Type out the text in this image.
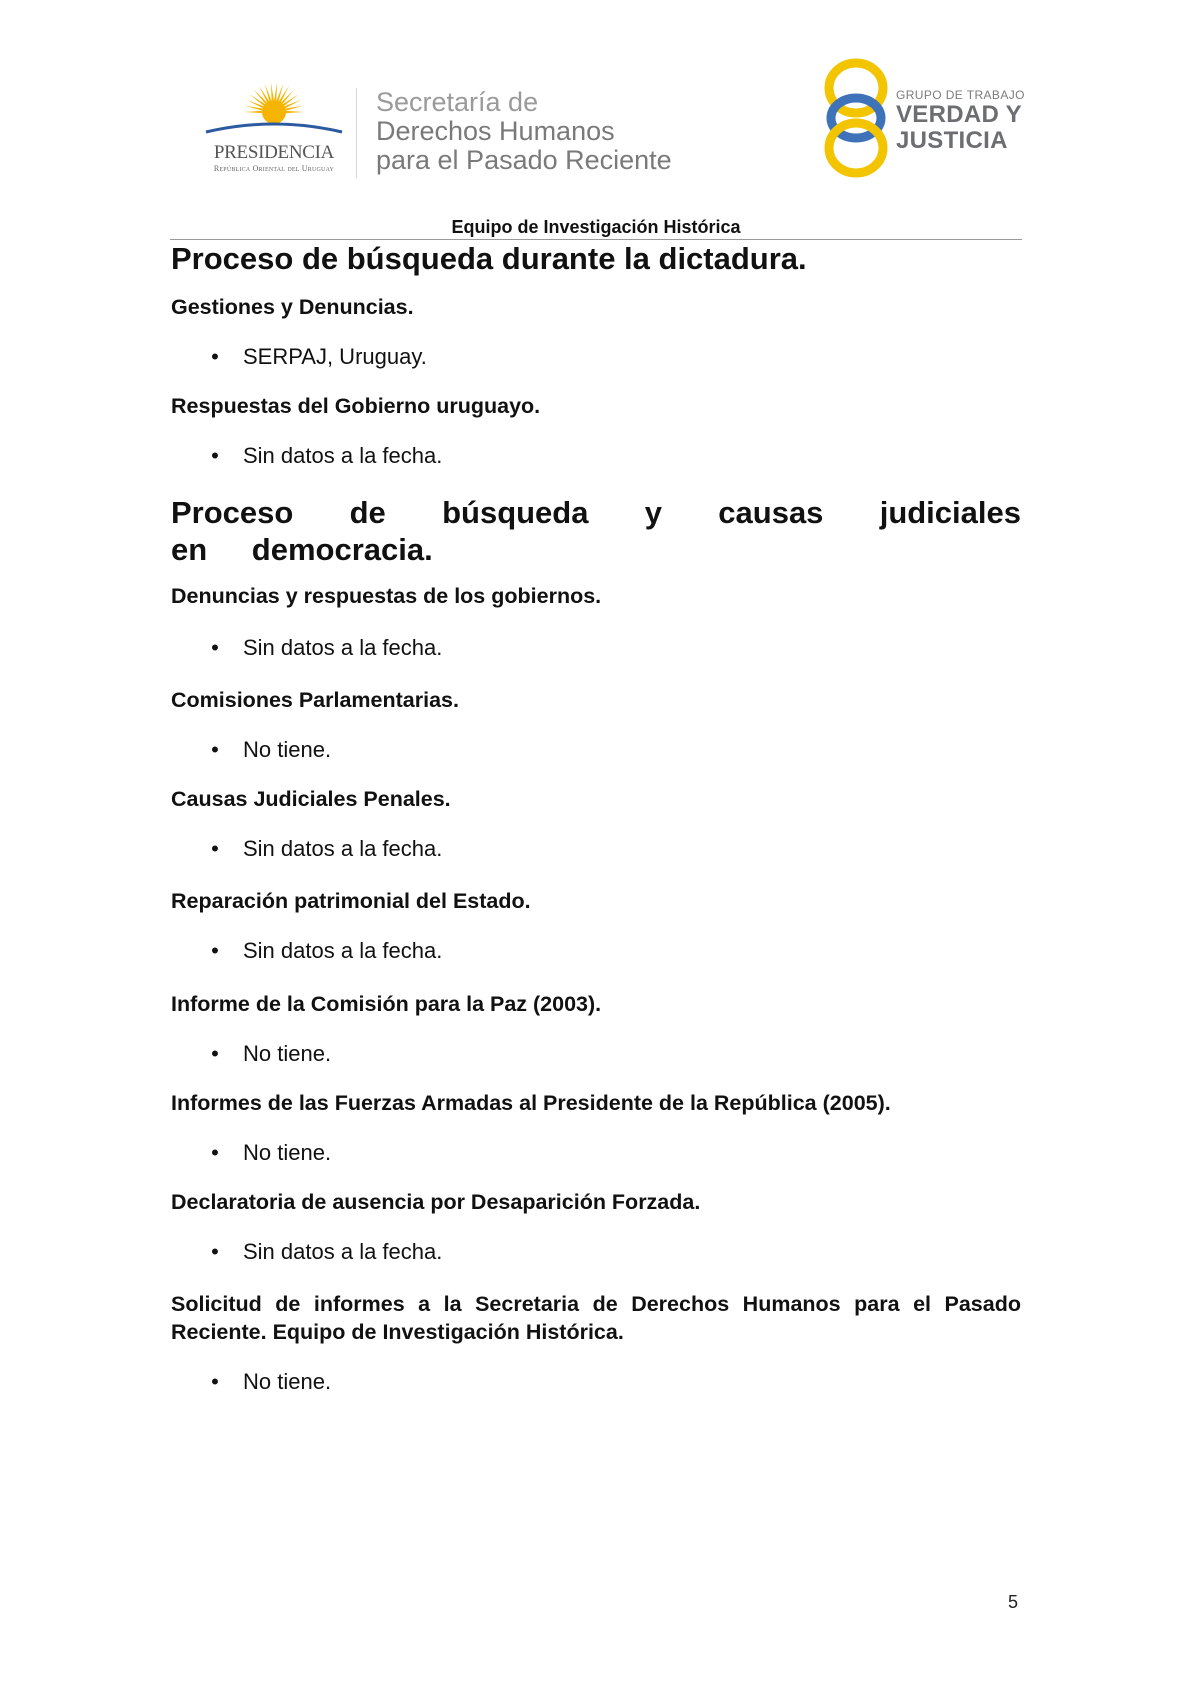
PRESIDENCIA
República Oriental del Uruguay
Secretaría de
Derechos Humanos
para el Pasado Reciente
GRUPO DE TRABAJO
VERDAD Y
JUSTICIA
Equipo de Investigación Histórica
Proceso de búsqueda durante la dictadura.
Gestiones y Denuncias.
• SERPAJ, Uruguay.
Respuestas del Gobierno uruguayo.
• Sin datos a la fecha.
Proceso de búsqueda y causas judiciales en democracia.
Denuncias y respuestas de los gobiernos.
• Sin datos a la fecha.
Comisiones Parlamentarias.
• No tiene.
Causas Judiciales Penales.
• Sin datos a la fecha.
Reparación patrimonial del Estado.
• Sin datos a la fecha.
Informe de la Comisión para la Paz (2003).
• No tiene.
Informes de las Fuerzas Armadas al Presidente de la República (2005).
• No tiene.
Declaratoria de ausencia por Desaparición Forzada.
• Sin datos a la fecha.
Solicitud de informes a la Secretaria de Derechos Humanos para el Pasado Reciente. Equipo de Investigación Histórica.
• No tiene.
5
